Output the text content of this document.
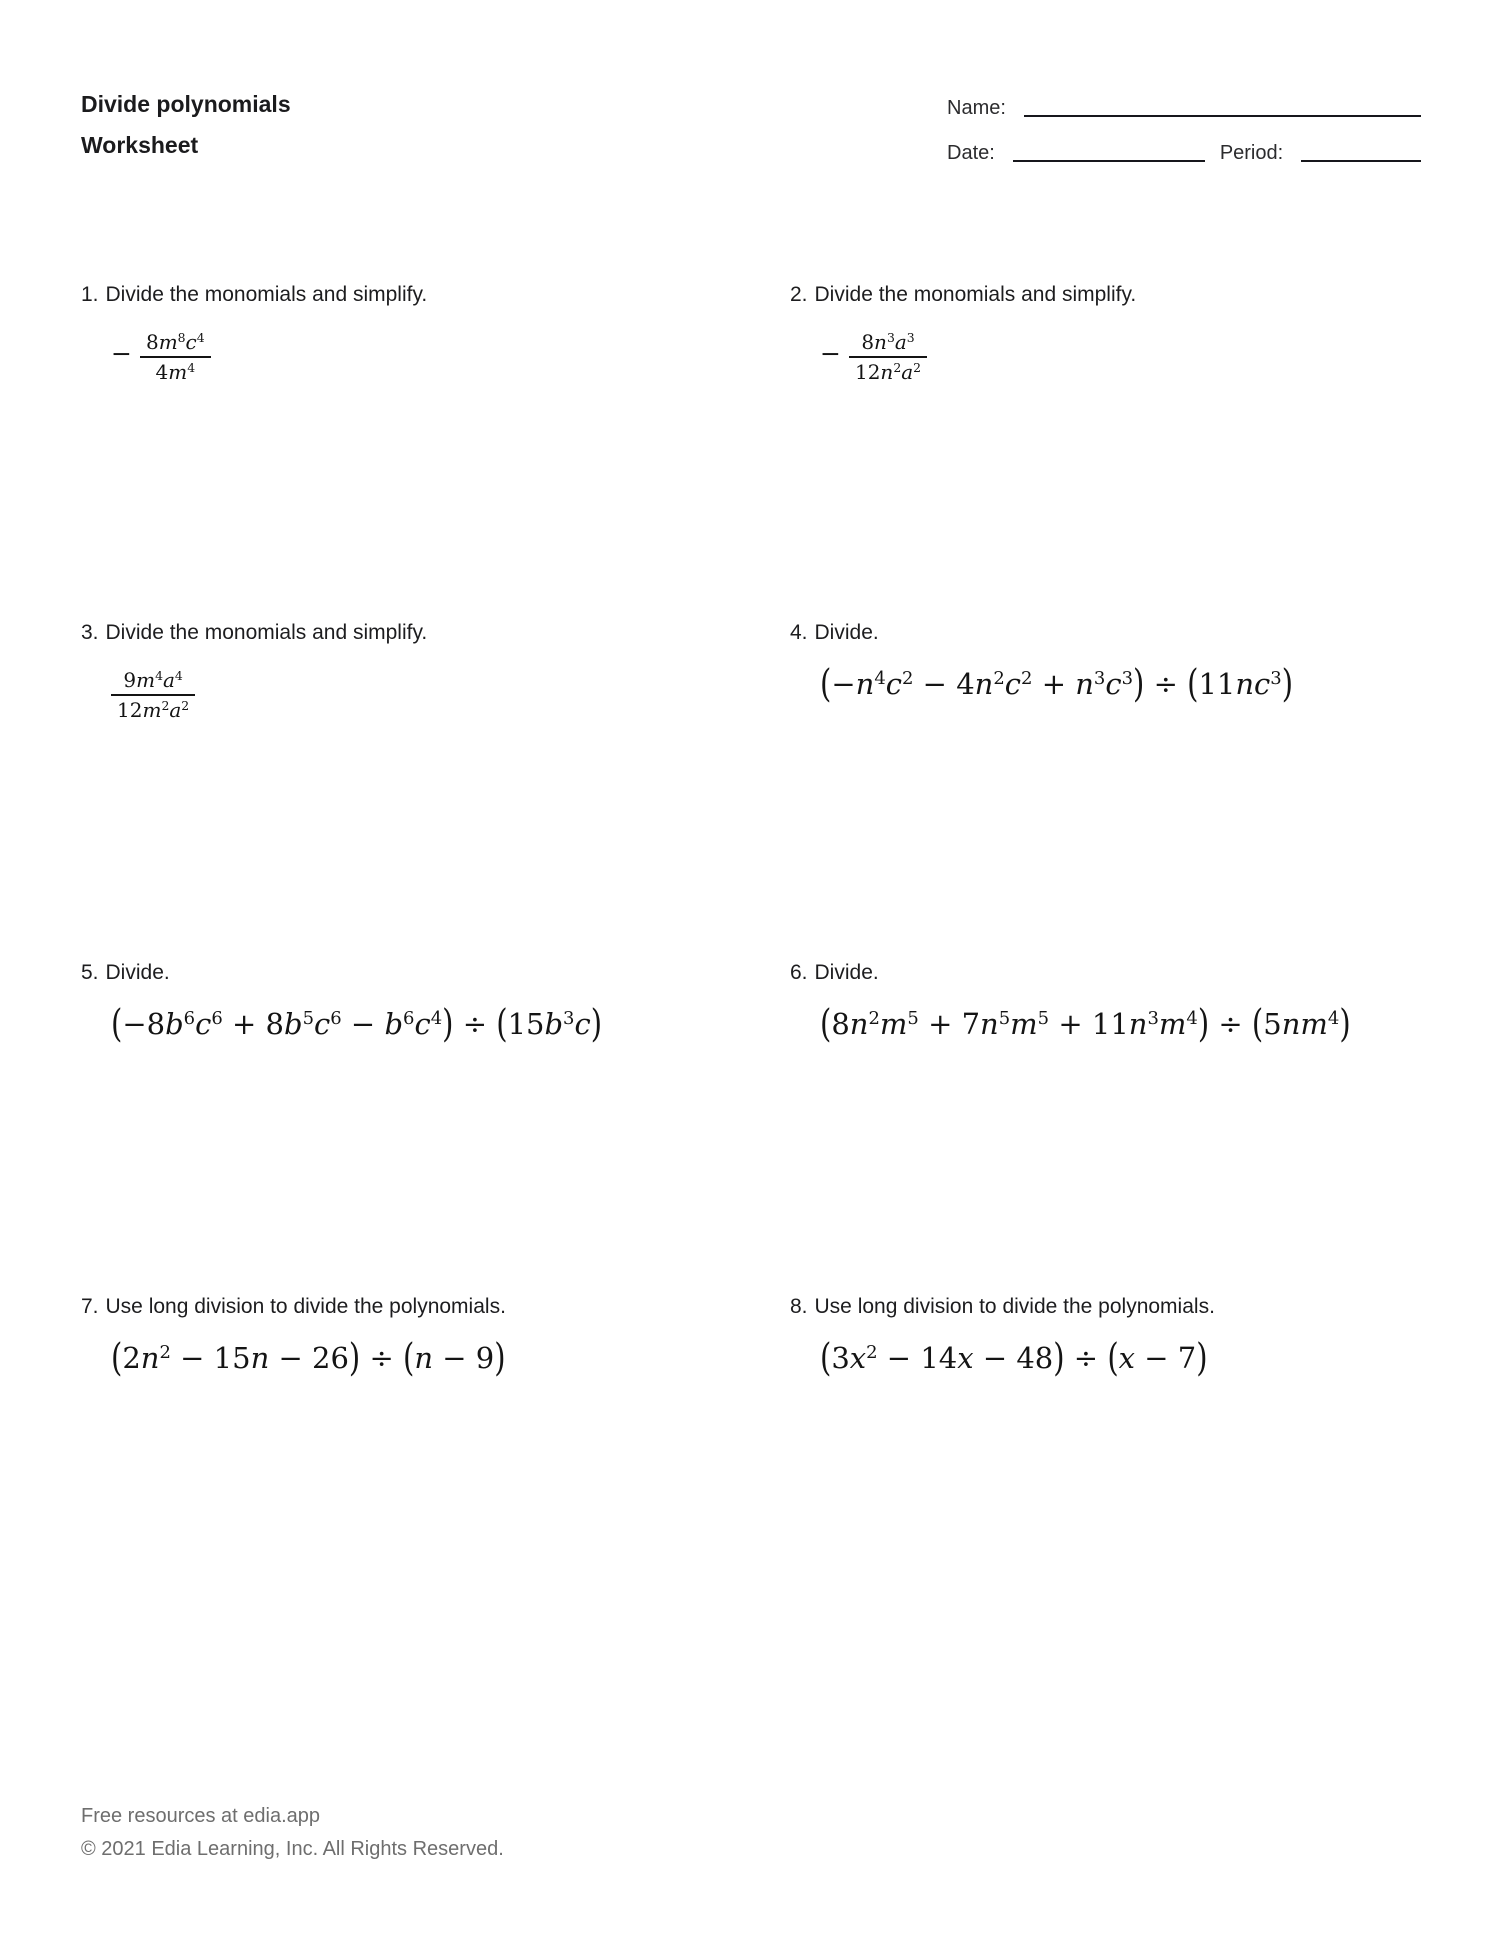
Divide polynomials
Worksheet
Name:
Date:	Period:
1. Divide the monomials and simplify.
− $\frac{8m^8c^4}{4m^4}$
2. Divide the monomials and simplify.
− $\frac{8n^3a^3}{12n^2a^2}$
3. Divide the monomials and simplify.
$\frac{9m^4a^4}{12m^2a^2}$
4. Divide.
$(-n^4c^2 - 4n^2c^2 + n^3c^3) \div (11nc^3)$
5. Divide.
$(-8b^6c^6 + 8b^5c^6 - b^6c^4) \div (15b^3c)$
6. Divide.
$(8n^2m^5 + 7n^5m^5 + 11n^3m^4) \div (5nm^4)$
7. Use long division to divide the polynomials.
$(2n^2 - 15n - 26) \div (n - 9)$
8. Use long division to divide the polynomials.
$(3x^2 - 14x - 48) \div (x - 7)$
Free resources at edia.app
© 2021 Edia Learning, Inc. All Rights Reserved.
